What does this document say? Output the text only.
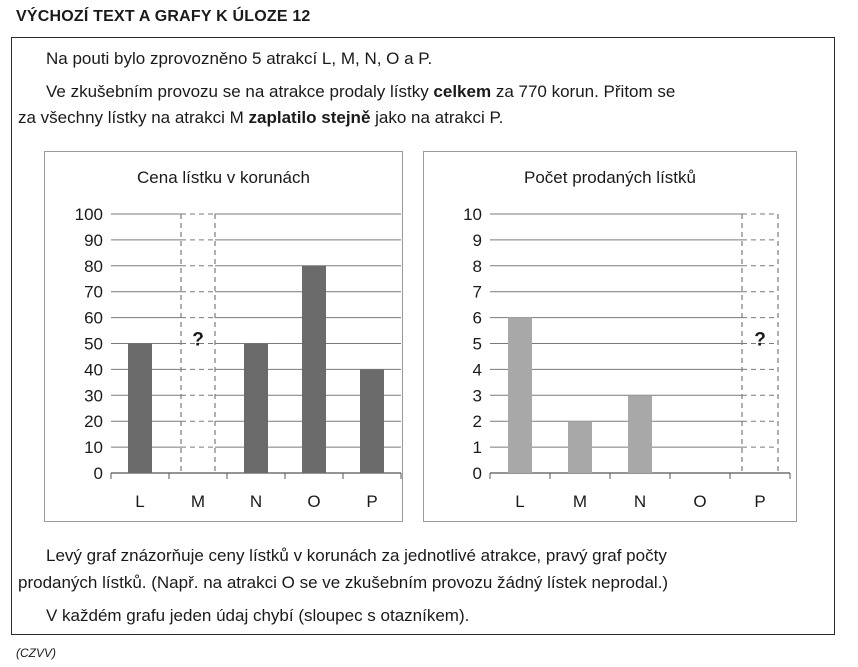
VÝCHOZÍ TEXT A GRAFY K ÚLOZE 12

Na pouti bylo zprovozněno 5 atrakcí L, M, N, O a P.

Ve zkušebním provozu se na atrakce prodaly lístky celkem za 770 korun. Přitom se

za všechny lístky na atrakci M zaplatilo stejně jako na atrakci P.

Cena lístku v korunách
0
10
20
30
40
50
60
70
80
90
100
L	M	N	O	P
?
Počet prodaných lístků
0
1
2
3
4
5
6
7
8
9
10
L	M	N	O	P
?

Levý graf znázorňuje ceny lístků v korunách za jednotlivé atrakce, pravý graf počty

prodaných lístků. (Např. na atrakci O se ve zkušebním provozu žádný lístek neprodal.)

V každém grafu jeden údaj chybí (sloupec s otazníkem).

(CZVV)
